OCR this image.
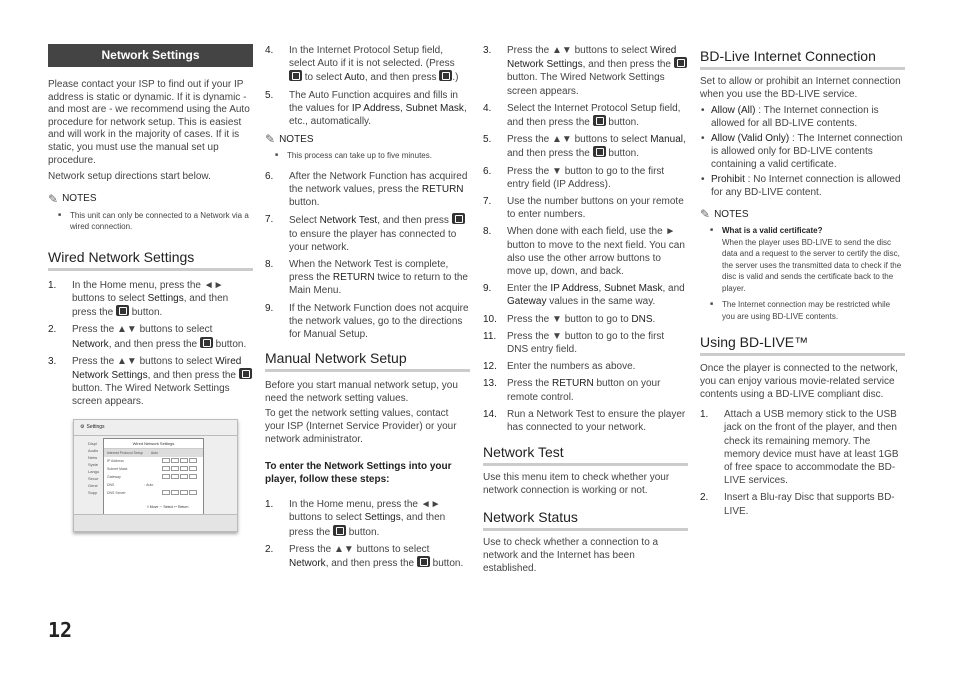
Network Settings

Please contact your ISP to find out if your IP address is static or dynamic. If it is dynamic - and most are - we recommend using the Auto procedure for network setup. This is easiest and will work in the majority of cases. If it is static, you must use the manual set up procedure.

Network setup directions start below.

✎ NOTES
■ This unit can only be connected to a Network via a wired connection.
Wired Network Settings
1.	In the Home menu, press the ◄► buttons to select Settings, and then press the  button.
2.	Press the ▲▼ buttons to select Network, and then press the  button.
3.	Press the ▲▼ buttons to select Wired Network Settings, and then press the  button. The Wired Network Settings screen appears.
⚙ Settings
Displ
Audio
Netw
Syste
Langu
Secur
Gene
Supp
Wired Network Settings
Internet Protocol Setup Auto
IP Address
Subnet Mask
Gateway
DNS	: Auto
DNS Server
◊ Move ☞ Select ↩ Return
4.	In the Internet Protocol Setup field, select Auto if it is not selected. (Press  to select Auto, and then press .)
5.	The Auto Function acquires and fills in the values for IP Address, Subnet Mask, etc., automatically.
✎ NOTES
■ This process can take up to five minutes.
6.	After the Network Function has acquired the network values, press the RETURN button.
7.	Select Network Test, and then press  to ensure the player has connected to your network.
8.	When the Network Test is complete, press the RETURN twice to return to the Main Menu.
9.	If the Network Function does not acquire the network values, go to the directions for Manual Setup.
Manual Network Setup

Before you start manual network setup, you need the network setting values.

To get the network setting values, contact your ISP (Internet Service Provider) or your network administrator.

To enter the Network Settings into your player, follow these steps:
1.	In the Home menu, press the ◄► buttons to select Settings, and then press the  button.
2.	Press the ▲▼ buttons to select Network, and then press the  button.
3.	Press the ▲▼ buttons to select Wired Network Settings, and then press the  button. The Wired Network Settings screen appears.
4.	Select the Internet Protocol Setup field, and then press the  button.
5.	Press the ▲▼ buttons to select Manual, and then press the  button.
6.	Press the ▼ button to go to the first entry field (IP Address).
7.	Use the number buttons on your remote to enter numbers.
8.	When done with each field, use the ► button to move to the next field. You can also use the other arrow buttons to move up, down, and back.
9.	Enter the IP Address, Subnet Mask, and Gateway values in the same way.
10.	Press the ▼ button to go to DNS.
11.	Press the ▼ button to go to the first DNS entry field.
12.	Enter the numbers as above.
13.	Press the RETURN button on your remote control.
14.	Run a Network Test to ensure the player has connected to your network.
Network Test

Use this menu item to check whether your network connection is working or not.

Network Status

Use to check whether a connection to a network and the Internet has been established.

BD-Live Internet Connection

Set to allow or prohibit an Internet connection when you use the BD-LIVE service.

• Allow (All) : The Internet connection is allowed for all BD-LIVE contents.
• Allow (Valid Only) : The Internet connection is allowed only for BD-LIVE contents containing a valid certificate.
• Prohibit : No Internet connection is allowed for any BD-LIVE content.
✎ NOTES
■ What is a valid certificate?
When the player uses BD-LIVE to send the disc data and a request to the server to certify the disc, the server uses the transmitted data to check if the disc is valid and sends the certificate back to the player.
■ The Internet connection may be restricted while you are using BD-LIVE contents.
Using BD-LIVE™

Once the player is connected to the network, you can enjoy various movie-related service contents using a BD-LIVE compliant disc.

1.	Attach a USB memory stick to the USB jack on the front of the player, and then check its remaining memory. The memory device must have at least 1GB of free space to accommodate the BD-LIVE services.
2.	Insert a Blu-ray Disc that supports BD-LIVE.
12
